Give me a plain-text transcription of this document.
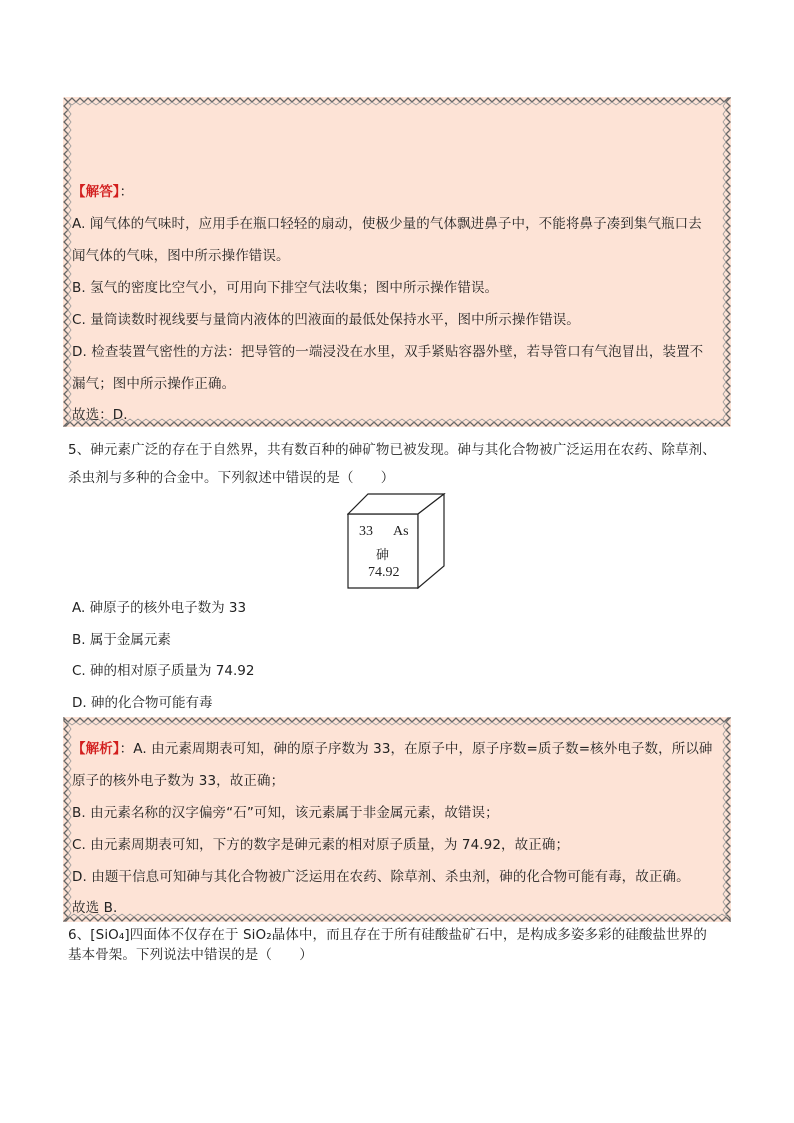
【解答】：
A. 闻气体的气味时，应用手在瓶口轻轻的扇动，使极少量的气体飘进鼻子中，不能将鼻子凑到集气瓶口去
闻气体的气味，图中所示操作错误。
B. 氢气的密度比空气小，可用向下排空气法收集；图中所示操作错误。
C. 量筒读数时视线要与量筒内液体的凹液面的最低处保持水平，图中所示操作错误。
D. 检查装置气密性的方法：把导管的一端浸没在水里，双手紧贴容器外壁，若导管口有气泡冒出，装置不
漏气；图中所示操作正确。
故选：D.
5、砷元素广泛的存在于自然界，共有数百种的砷矿物已被发现。砷与其化合物被广泛运用在农药、除草剂、
杀虫剂与多种的合金中。下列叙述中错误的是（　　）
33 As
砷
74.92
A. 砷原子的核外电子数为 33
B. 属于金属元素
C. 砷的相对原子质量为 74.92
D. 砷的化合物可能有毒
【解析】：A. 由元素周期表可知，砷的原子序数为 33，在原子中，原子序数=质子数=核外电子数，所以砷
原子的核外电子数为 33，故正确；
B. 由元素名称的汉字偏旁“石”可知，该元素属于非金属元素，故错误；
C. 由元素周期表可知，下方的数字是砷元素的相对原子质量，为 74.92，故正确；
D. 由题干信息可知砷与其化合物被广泛运用在农药、除草剂、杀虫剂，砷的化合物可能有毒，故正确。
故选 B.
6、[SiO₄]四面体不仅存在于 SiO₂晶体中，而且存在于所有硅酸盐矿石中，是构成多姿多彩的硅酸盐世界的
基本骨架。下列说法中错误的是（　　）
